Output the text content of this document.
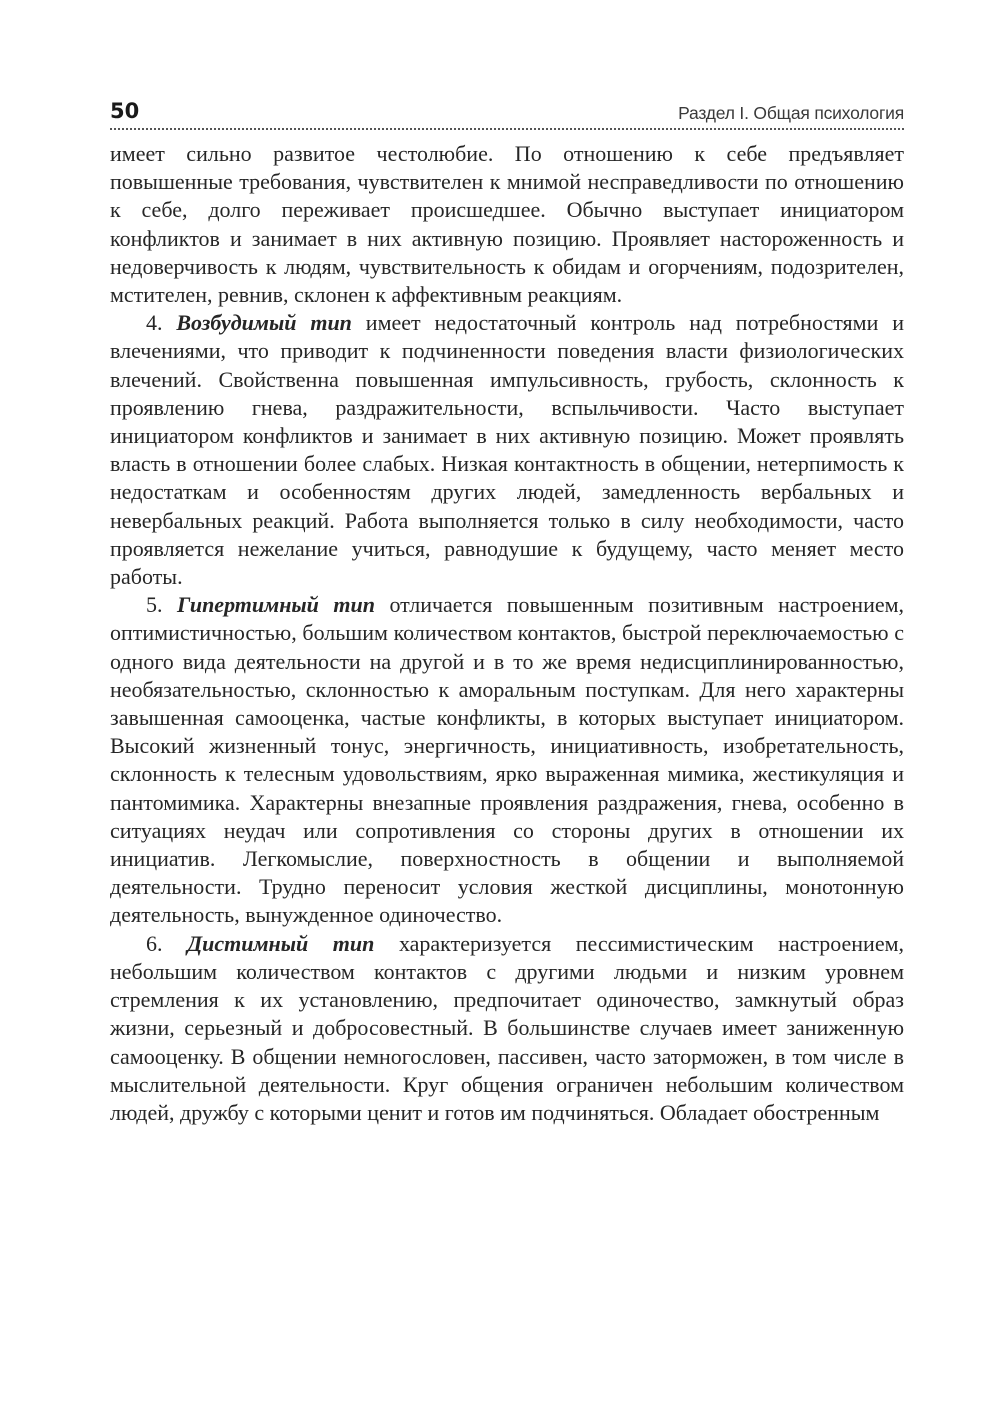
50	Раздел I. Общая психология

имеет сильно развитое честолюбие. По отношению к себе предъявляет повышенные требования, чувствителен к мнимой несправедливости по отношению к себе, долго переживает происшедшее. Обычно выступает инициатором конфликтов и занимает в них активную позицию. Проявляет настороженность и недоверчивость к людям, чувствительность к обидам и огорчениям, подозрителен, мстителен, ревнив, склонен к аффективным реакциям.

4. Возбудимый тип имеет недостаточный контроль над потребностями и влечениями, что приводит к подчиненности поведения власти физиологических влечений. Свойственна повышенная импульсивность, грубость, склонность к проявлению гнева, раздражительности, вспыльчивости. Часто выступает инициатором конфликтов и занимает в них активную позицию. Может проявлять власть в отношении более слабых. Низкая контактность в общении, нетерпимость к недостаткам и особенностям других людей, замедленность вербальных и невербальных реакций. Работа выполняется только в силу необходимости, часто проявляется нежелание учиться, равнодушие к будущему, часто меняет место работы.

5. Гипертимный тип отличается повышенным позитивным настроением, оптимистичностью, большим количеством контактов, быстрой переключаемостью с одного вида деятельности на другой и в то же время недисциплинированностью, необязательностью, склонностью к аморальным поступкам. Для него характерны завышенная самооценка, частые конфликты, в которых выступает инициатором. Высокий жизненный тонус, энергичность, инициативность, изобретательность, склонность к телесным удовольствиям, ярко выраженная мимика, жестикуляция и пантомимика. Характерны внезапные проявления раздражения, гнева, особенно в ситуациях неудач или сопротивления со стороны других в отношении их инициатив. Легкомыслие, поверхностность в общении и выполняемой деятельности. Трудно переносит условия жесткой дисциплины, монотонную деятельность, вынужденное одиночество.

6. Дистимный тип характеризуется пессимистическим настроением, небольшим количеством контактов с другими людьми и низким уровнем стремления к их установлению, предпочитает одиночество, замкнутый образ жизни, серьезный и добросовестный. В большинстве случаев имеет заниженную самооценку. В общении немногословен, пассивен, часто заторможен, в том числе в мыслительной деятельности. Круг общения ограничен небольшим количеством людей, дружбу с которыми ценит и готов им подчиняться. Обладает обостренным
